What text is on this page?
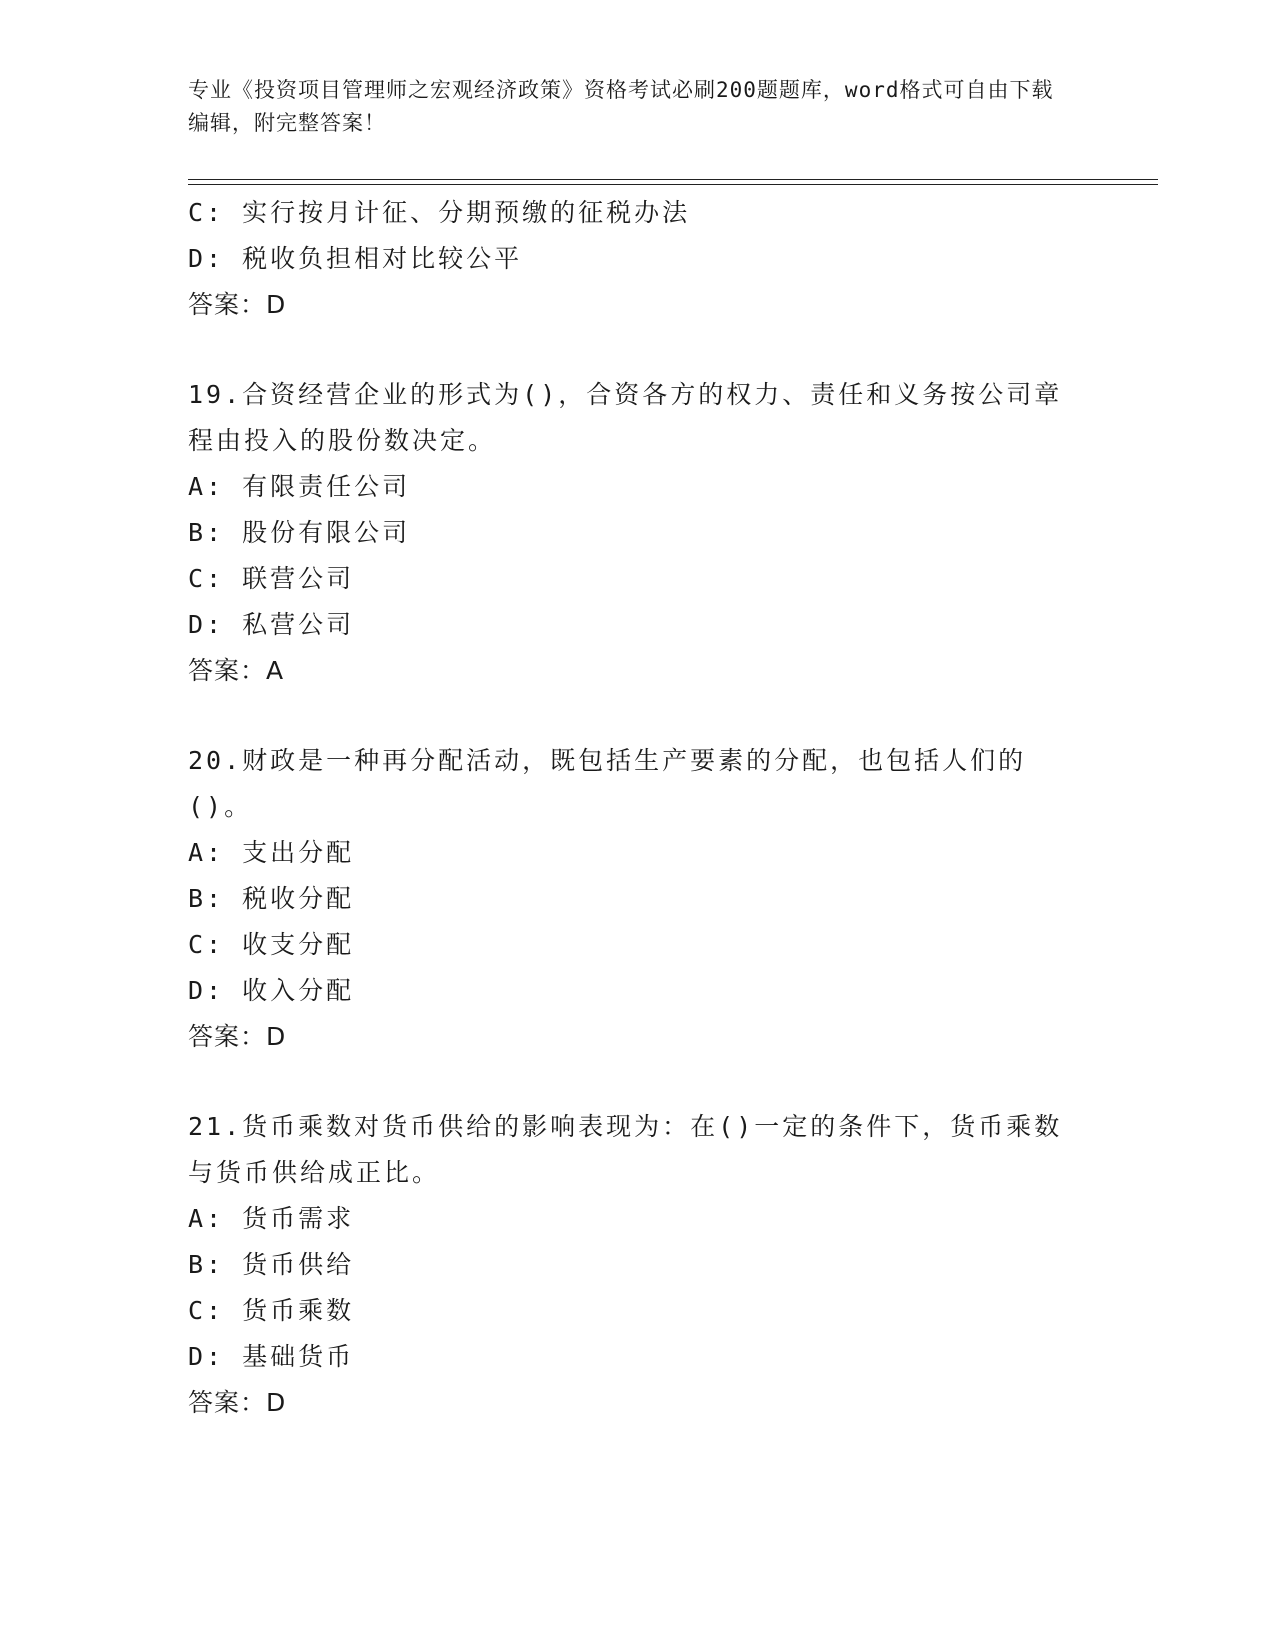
专业《投资项目管理师之宏观经济政策》资格考试必刷200题题库，word格式可自由下载编辑，附完整答案！
C: 实行按月计征、分期预缴的征税办法
D: 税收负担相对比较公平
答案：D
19.合资经营企业的形式为()，合资各方的权力、责任和义务按公司章程由投入的股份数决定。
A: 有限责任公司
B: 股份有限公司
C: 联营公司
D: 私营公司
答案：A
20.财政是一种再分配活动，既包括生产要素的分配，也包括人们的()。
A: 支出分配
B: 税收分配
C: 收支分配
D: 收入分配
答案：D
21.货币乘数对货币供给的影响表现为：在()一定的条件下，货币乘数与货币供给成正比。
A: 货币需求
B: 货币供给
C: 货币乘数
D: 基础货币
答案：D
